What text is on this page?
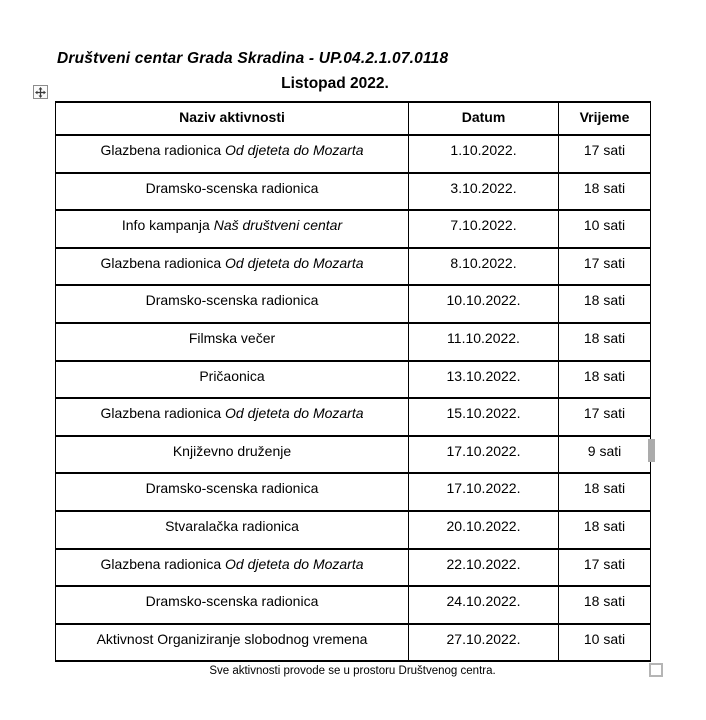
Društveni centar Grada Skradina - UP.04.2.1.07.0118
Listopad 2022.
Naziv aktivnosti	Datum	Vrijeme
Glazbena radionica Od djeteta do Mozarta	1.10.2022.	17 sati
Dramsko-scenska radionica	3.10.2022.	18 sati
Info kampanja Naš društveni centar	7.10.2022.	10 sati
Glazbena radionica Od djeteta do Mozarta	8.10.2022.	17 sati
Dramsko-scenska radionica	10.10.2022.	18 sati
Filmska večer	11.10.2022.	18 sati
Pričaonica	13.10.2022.	18 sati
Glazbena radionica Od djeteta do Mozarta	15.10.2022.	17 sati
Književno druženje	17.10.2022.	9 sati
Dramsko-scenska radionica	17.10.2022.	18 sati
Stvaralačka radionica	20.10.2022.	18 sati
Glazbena radionica Od djeteta do Mozarta	22.10.2022.	17 sati
Dramsko-scenska radionica	24.10.2022.	18 sati
Aktivnost Organiziranje slobodnog vremena	27.10.2022.	10 sati
Sve aktivnosti provode se u prostoru Društvenog centra.
